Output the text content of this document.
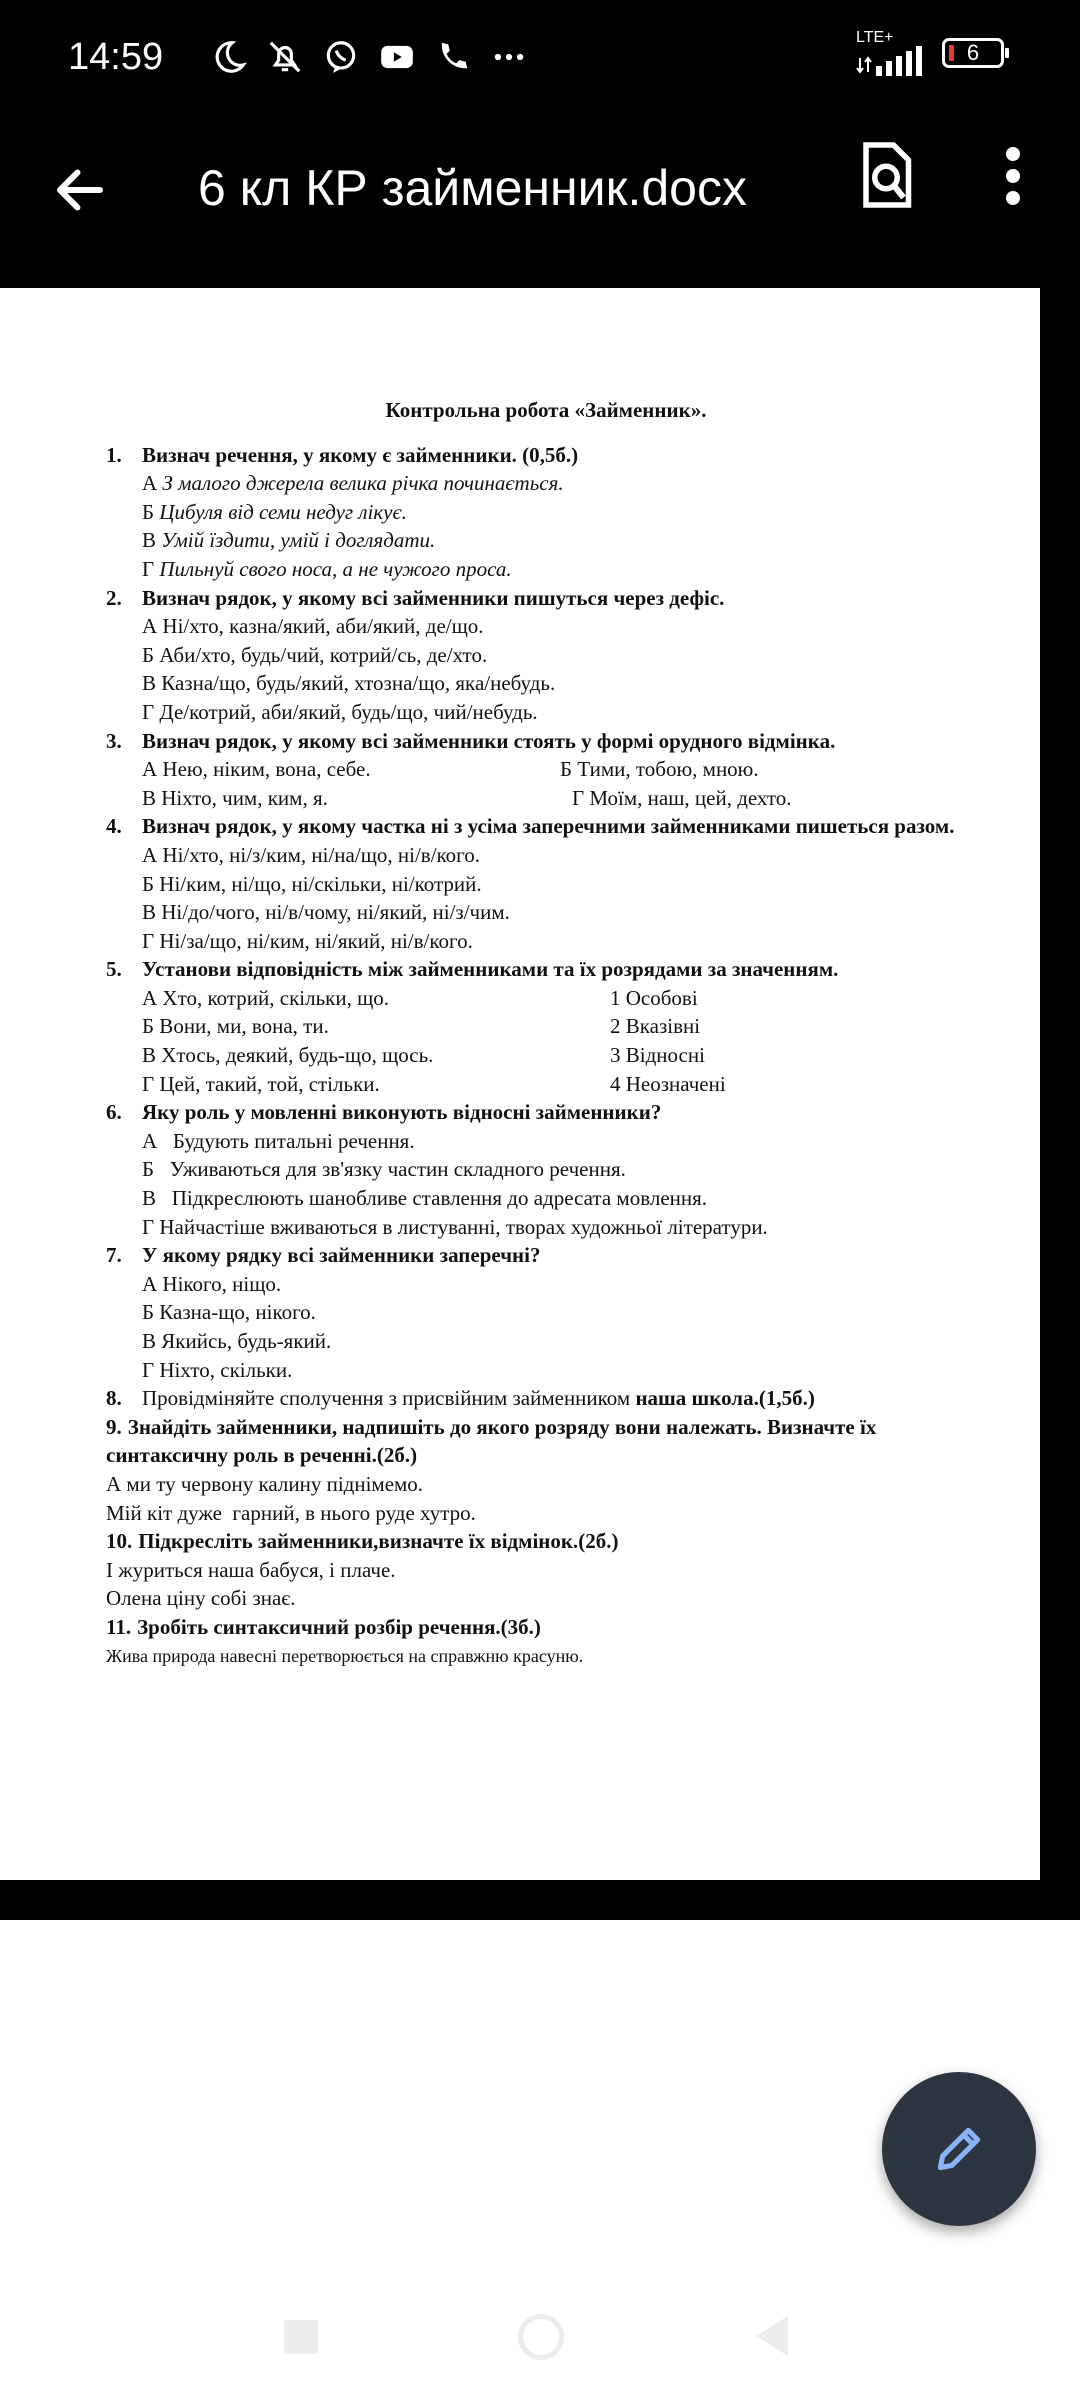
14:59	LTE+
6
6 кл КР займенник.docx
Контрольна робота «Займенник».
1. Визнач речення, у якому є займенники. (0,5б.)
А З малого джерела велика річка починається.
Б Цибуля від семи недуг лікує.
В Умій їздити, умій і доглядати.
Г Пильнуй свого носа, а не чужого проса.
2. Визнач рядок, у якому всі займенники пишуться через дефіс.
А Ні/хто, казна/який, аби/який, де/що.
Б Аби/хто, будь/чий, котрий/сь, де/хто.
В Казна/що, будь/який, хтозна/що, яка/небудь.
Г Де/котрий, аби/який, будь/що, чий/небудь.
3. Визнач рядок, у якому всі займенники стоять у формі орудного відмінка.
А Нею, ніким, вона, себе.	Б Тими, тобою, мною.
В Ніхто, чим, ким, я.	Г Моїм, наш, цей, дехто.
4. Визнач рядок, у якому частка ні з усіма заперечними займенниками пишеться разом.
А Ні/хто, ні/з/ким, ні/на/що, ні/в/кого.
Б Ні/ким, ні/що, ні/скільки, ні/котрий.
В Ні/до/чого, ні/в/чому, ні/який, ні/з/чим.
Г Ні/за/що, ні/ким, ні/який, ні/в/кого.
5. Установи відповідність між займенниками та їх розрядами за значенням.
А Хто, котрий, скільки, що.	1 Особові
Б Вони, ми, вона, ти.	2 Вказівні
В Хтось, деякий, будь-що, щось.	3 Відносні
Г Цей, такий, той, стільки.	4 Неозначені
6. Яку роль у мовленні виконують відносні займенники?
А   Будують питальні речення.
Б   Уживаються для зв'язку частин складного речення.
В   Підкреслюють шанобливе ставлення до адресата мовлення.
Г Найчастіше вживаються в листуванні, творах художньої літератури.
7. У якому рядку всі займенники заперечні?
А Нікого, ніщо.
Б Казна-що, нікого.
В Якийсь, будь-який.
Г Ніхто, скільки.
8. Провідміняйте сполучення з присвійним займенником наша школа.(1,5б.)
9. Знайдіть займенники, надпишіть до якого розряду вони належать. Визначте їх синтаксичну роль в реченні.(2б.)
А ми ту червону калину піднімемо.
Мій кіт дуже  гарний, в нього руде хутро.
10. Підкресліть займенники,визначте їх відмінок.(2б.)
І журиться наша бабуся, і плаче.
Олена ціну собі знає.
11. Зробіть синтаксичний розбір речення.(3б.)
Жива природа навесні перетворюється на справжню красуню.
